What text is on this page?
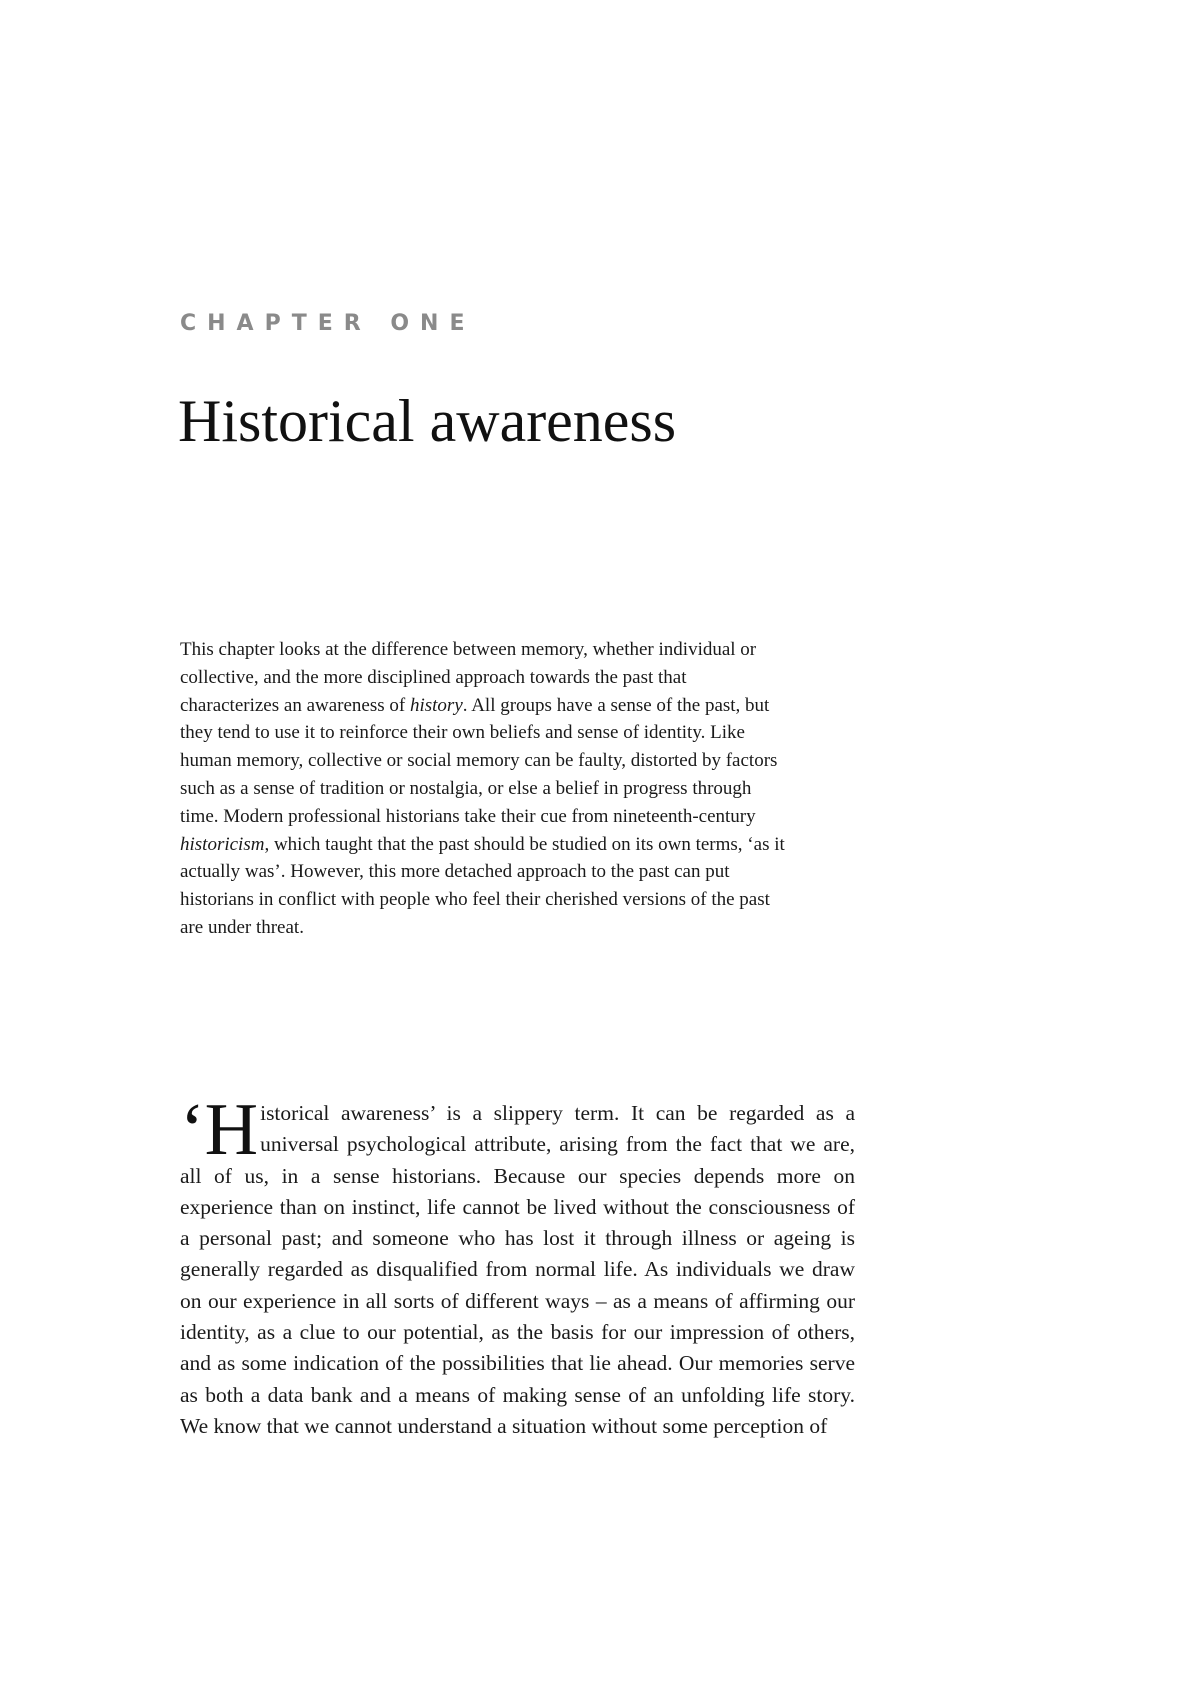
CHAPTER ONE
Historical awareness

This chapter looks at the difference between memory, whether individual or collective, and the more disciplined approach towards the past that characterizes an awareness of history. All groups have a sense of the past, but they tend to use it to reinforce their own beliefs and sense of identity. Like human memory, collective or social memory can be faulty, distorted by factors such as a sense of tradition or nostalgia, or else a belief in progress through time. Modern professional historians take their cue from nineteenth-century historicism, which taught that the past should be studied on its own terms, ‘as it actually was’. However, this more detached approach to the past can put historians in conflict with people who feel their cherished versions of the past are under threat.

‘Historical awareness’ is a slippery term. It can be regarded as a universal psychological attribute, arising from the fact that we are, all of us, in a sense historians. Because our species depends more on experience than on instinct, life cannot be lived without the consciousness of a personal past; and someone who has lost it through illness or ageing is generally regarded as disqualified from normal life. As individuals we draw on our experience in all sorts of different ways – as a means of affirming our identity, as a clue to our potential, as the basis for our impression of others, and as some indication of the possibilities that lie ahead. Our memories serve as both a data bank and a means of making sense of an unfolding life story. We know that we cannot understand a situation without some perception of
